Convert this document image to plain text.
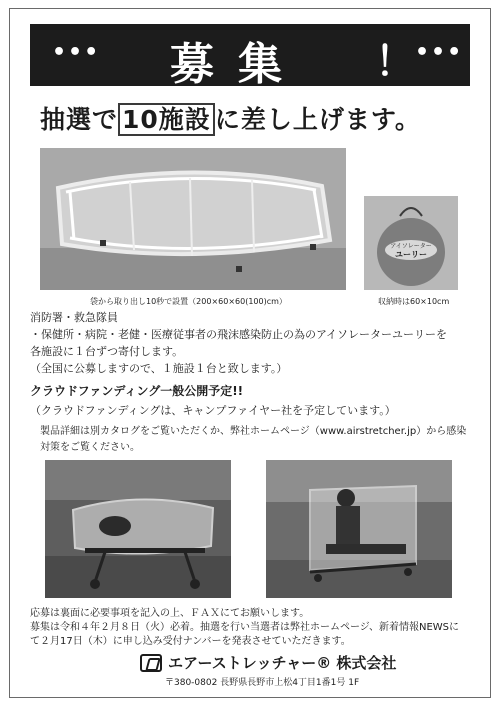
••• 募集 ！ •••
抽選で 10施設 に差し上げます。
アイソレーター
ユーリー
袋から取り出し10秒で設置（200×60×60(100)cm）	収納時は60×10cm
消防署・救急隊員
・保健所・病院・老健・医療従事者の飛沫感染防止の為のアイソレーターユーリーを
各施設に１台ずつ寄付します。
（全国に公募しますので、１施設１台と致します。）
クラウドファンディング一般公開予定!!
（クラウドファンディングは、キャンプファイヤー社を予定しています。）
製品詳細は別カタログをご覧いただくか、弊社ホームページ（www.airstretcher.jp）から感染
対策をご覧ください。
応募は裏面に必要事項を記入の上、ＦＡＸにてお願いします。
募集は令和４年２月８日（火）必着。抽選を行い当選者は弊社ホームページ、新着情報NEWSに
て２月17日（木）に申し込み受付ナンバーを発表させていただきます。
エアーストレッチャー® 株式会社
〒380-0802 長野県長野市上松4丁目1番1号 1F
